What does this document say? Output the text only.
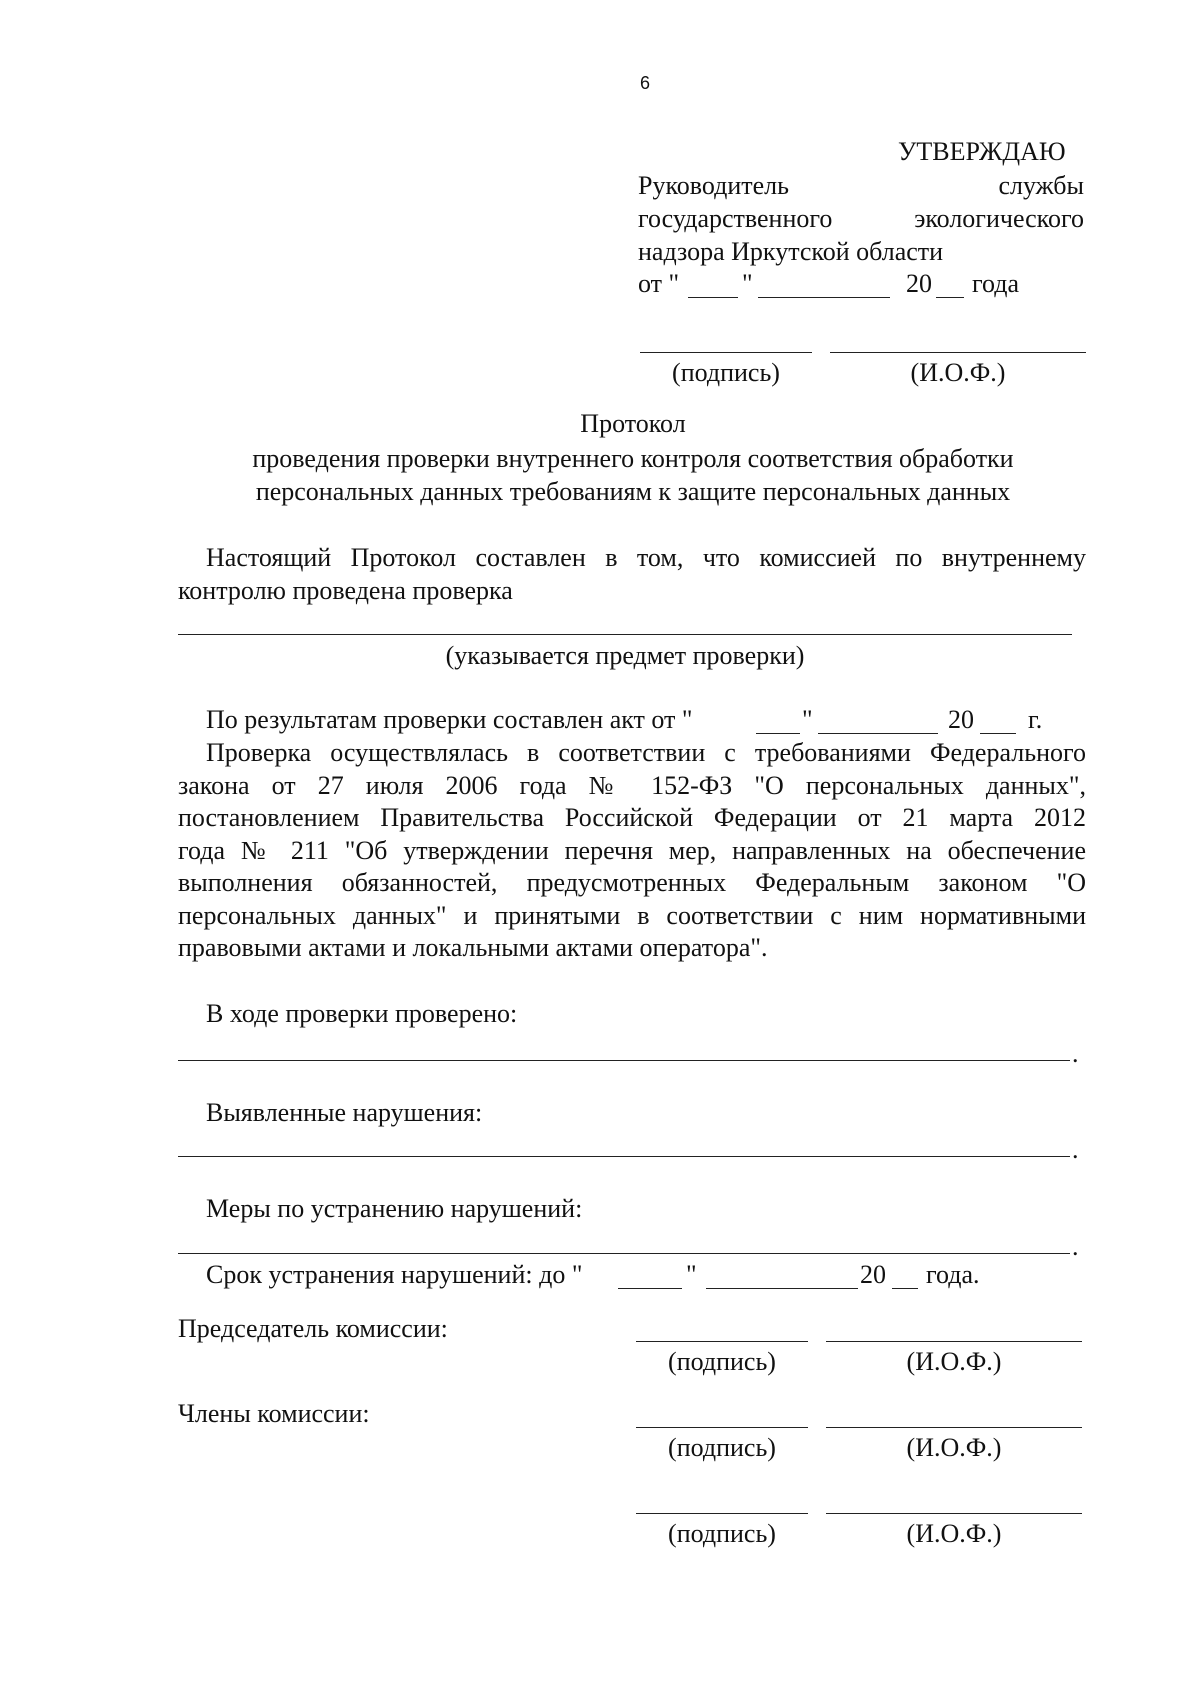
6
УТВЕРЖДАЮ
Руководитель	службы
государственного	экологического
надзора Иркутской области
от " "	20 года
(подпись)	(И.О.Ф.)
Протокол
проведения проверки внутреннего контроля соответствия обработки
персональных данных требованиям к защите персональных данных
Настоящий Протокол составлен в том, что комиссией по внутреннему
контролю проведена проверка
(указывается предмет проверки)
По результатам проверки составлен акт от "	"	20 г.
Проверка осуществлялась в соответствии с требованиями Федерального
закона от 27 июля 2006 года № 152-ФЗ "О персональных данных",
постановлением Правительства Российской Федерации от 21 марта 2012
года № 211 "Об утверждении перечня мер, направленных на обеспечение
выполнения обязанностей, предусмотренных Федеральным законом "О
персональных данных" и принятыми в соответствии с ним нормативными
правовыми актами и локальными актами оператора".
В ходе проверки проверено:
.
Выявленные нарушения:
.
Меры по устранению нарушений:
.
Срок устранения нарушений: до "	"	20 года.
Председатель комиссии:
(подпись)	(И.О.Ф.)
Члены комиссии:
(подпись)	(И.О.Ф.)
(подпись)	(И.О.Ф.)
